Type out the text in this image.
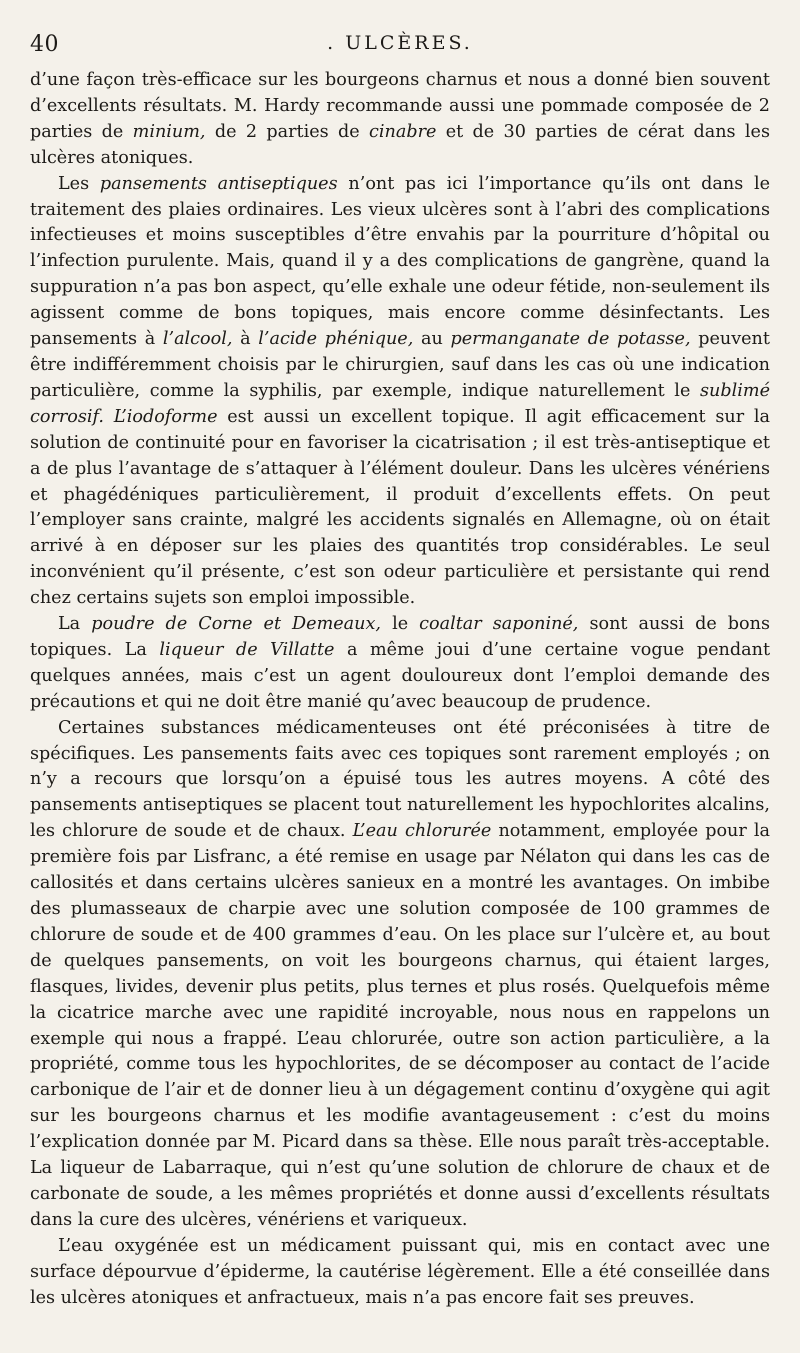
40	. ULCÈRES.

d’une façon très-efficace sur les bourgeons charnus et nous a donné bien souvent d’excellents résultats. M. Hardy recommande aussi une pommade composée de 2 parties de minium, de 2 parties de cinabre et de 30 parties de cérat dans les ulcères atoniques.

Les pansements antiseptiques n’ont pas ici l’importance qu’ils ont dans le traitement des plaies ordinaires. Les vieux ulcères sont à l’abri des complications infectieuses et moins susceptibles d’être envahis par la pourriture d’hôpital ou l’infection purulente. Mais, quand il y a des complications de gangrène, quand la suppuration n’a pas bon aspect, qu’elle exhale une odeur fétide, non-seulement ils agissent comme de bons topiques, mais encore comme désinfectants. Les pansements à l’alcool, à l’acide phénique, au permanganate de potasse, peuvent être indifféremment choisis par le chirurgien, sauf dans les cas où une indication particulière, comme la syphilis, par exemple, indique naturellement le sublimé corrosif. L’iodoforme est aussi un excellent topique. Il agit efficacement sur la solution de continuité pour en favoriser la cicatrisation ; il est très-antiseptique et a de plus l’avantage de s’attaquer à l’élément douleur. Dans les ulcères vénériens et phagédéniques particulièrement, il produit d’excellents effets. On peut l’employer sans crainte, malgré les accidents signalés en Allemagne, où on était arrivé à en déposer sur les plaies des quantités trop considérables. Le seul inconvénient qu’il présente, c’est son odeur particulière et persistante qui rend chez certains sujets son emploi impossible.

La poudre de Corne et Demeaux, le coaltar saponiné, sont aussi de bons topiques. La liqueur de Villatte a même joui d’une certaine vogue pendant quelques années, mais c’est un agent douloureux dont l’emploi demande des précautions et qui ne doit être manié qu’avec beaucoup de prudence.

Certaines substances médicamenteuses ont été préconisées à titre de spécifiques. Les pansements faits avec ces topiques sont rarement employés ; on n’y a recours que lorsqu’on a épuisé tous les autres moyens. A côté des pansements antiseptiques se placent tout naturellement les hypochlorites alcalins, les chlorure de soude et de chaux. L’eau chlorurée notamment, employée pour la première fois par Lisfranc, a été remise en usage par Nélaton qui dans les cas de callosités et dans certains ulcères sanieux en a montré les avantages. On imbibe des plumasseaux de charpie avec une solution composée de 100 grammes de chlorure de soude et de 400 grammes d’eau. On les place sur l’ulcère et, au bout de quelques pansements, on voit les bourgeons charnus, qui étaient larges, flasques, livides, devenir plus petits, plus ternes et plus rosés. Quelquefois même la cicatrice marche avec une rapidité incroyable, nous nous en rappelons un exemple qui nous a frappé. L’eau chlorurée, outre son action particulière, a la propriété, comme tous les hypochlorites, de se décomposer au contact de l’acide carbonique de l’air et de donner lieu à un dégagement continu d’oxygène qui agit sur les bourgeons charnus et les modifie avantageusement : c’est du moins l’explication donnée par M. Picard dans sa thèse. Elle nous paraît très-acceptable. La liqueur de Labarraque, qui n’est qu’une solution de chlorure de chaux et de carbonate de soude, a les mêmes propriétés et donne aussi d’excellents résultats dans la cure des ulcères, vénériens et variqueux.

L’eau oxygénée est un médicament puissant qui, mis en contact avec une surface dépourvue d’épiderme, la cautérise légèrement. Elle a été conseillée dans les ulcères atoniques et anfractueux, mais n’a pas encore fait ses preuves.
